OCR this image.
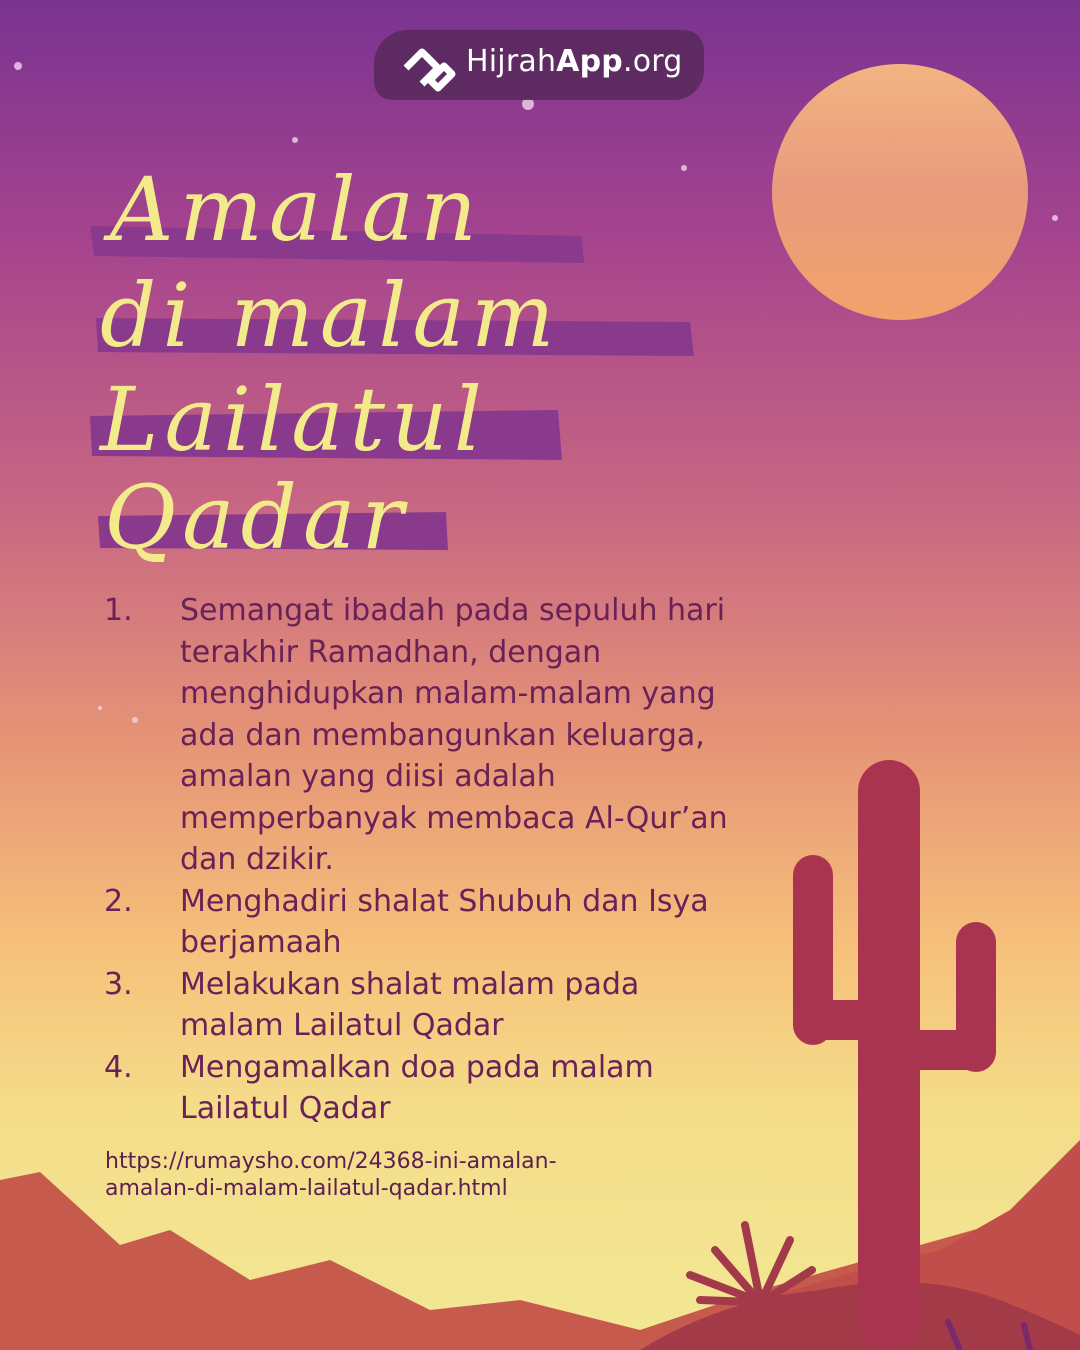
HijrahApp.org
Amalan
di malam
Lailatul
Qadar
1. Semangat ibadah pada sepuluh hari terakhir Ramadhan, dengan menghidupkan malam-malam yang ada dan membangunkan keluarga, amalan yang diisi adalah memperbanyak membaca Al-Qur’an dan dzikir.
2. Menghadiri shalat Shubuh dan Isya berjamaah
3. Melakukan shalat malam pada malam Lailatul Qadar
4. Mengamalkan doa pada malam Lailatul Qadar
https://rumaysho.com/24368-ini-amalan-
amalan-di-malam-lailatul-qadar.html
